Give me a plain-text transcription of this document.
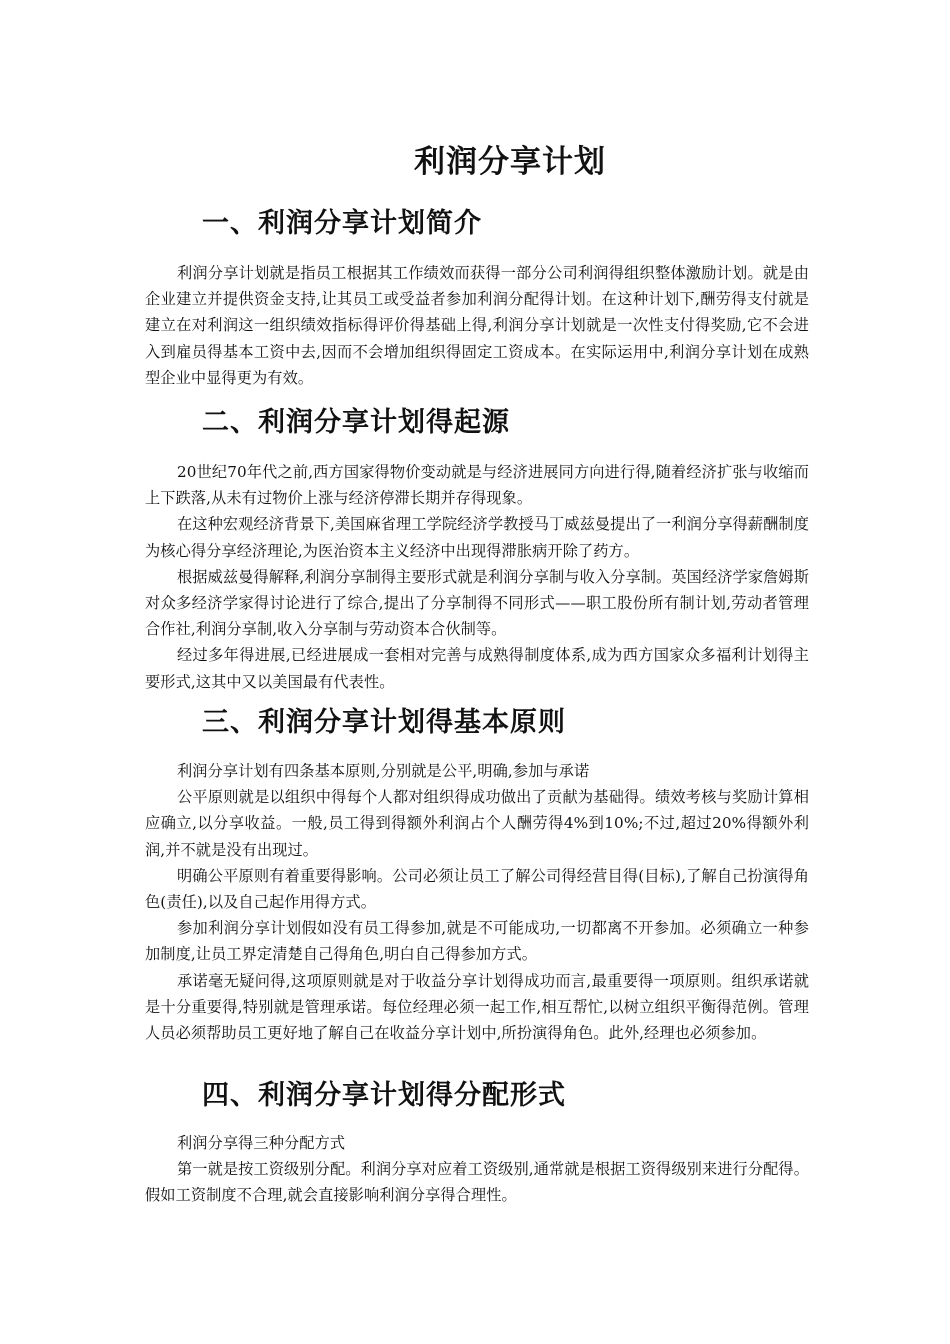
利润分享计划
一、利润分享计划简介

利润分享计划就是指员工根据其工作绩效而获得一部分公司利润得组织整体激励计划。就是由企业建立并提供资金支持,让其员工或受益者参加利润分配得计划。在这种计划下,酬劳得支付就是建立在对利润这一组织绩效指标得评价得基础上得,利润分享计划就是一次性支付得奖励,它不会进入到雇员得基本工资中去,因而不会增加组织得固定工资成本。在实际运用中,利润分享计划在成熟型企业中显得更为有效。

二、利润分享计划得起源

20世纪70年代之前,西方国家得物价变动就是与经济进展同方向进行得,随着经济扩张与收缩而上下跌落,从未有过物价上涨与经济停滞长期并存得现象。

在这种宏观经济背景下,美国麻省理工学院经济学教授马丁威兹曼提出了一利润分享得薪酬制度为核心得分享经济理论,为医治资本主义经济中出现得滞胀病开除了药方。

根据威兹曼得解释,利润分享制得主要形式就是利润分享制与收入分享制。英国经济学家詹姆斯对众多经济学家得讨论进行了综合,提出了分享制得不同形式——职工股份所有制计划,劳动者管理合作社,利润分享制,收入分享制与劳动资本合伙制等。

经过多年得进展,已经进展成一套相对完善与成熟得制度体系,成为西方国家众多福利计划得主要形式,这其中又以美国最有代表性。

三、利润分享计划得基本原则

利润分享计划有四条基本原则,分别就是公平,明确,参加与承诺

公平原则就是以组织中得每个人都对组织得成功做出了贡献为基础得。绩效考核与奖励计算相应确立,以分享收益。一般,员工得到得额外利润占个人酬劳得4%到10%;不过,超过20%得额外利润,并不就是没有出现过。

明确公平原则有着重要得影响。公司必须让员工了解公司得经营目得(目标),了解自己扮演得角色(责任),以及自己起作用得方式。

参加利润分享计划假如没有员工得参加,就是不可能成功,一切都离不开参加。必须确立一种参加制度,让员工界定清楚自己得角色,明白自己得参加方式。

承诺毫无疑问得,这项原则就是对于收益分享计划得成功而言,最重要得一项原则。组织承诺就是十分重要得,特别就是管理承诺。每位经理必须一起工作,相互帮忙,以树立组织平衡得范例。管理人员必须帮助员工更好地了解自己在收益分享计划中,所扮演得角色。此外,经理也必须参加。

四、利润分享计划得分配形式

利润分享得三种分配方式

第一就是按工资级别分配。利润分享对应着工资级别,通常就是根据工资得级别来进行分配得。假如工资制度不合理,就会直接影响利润分享得合理性。
